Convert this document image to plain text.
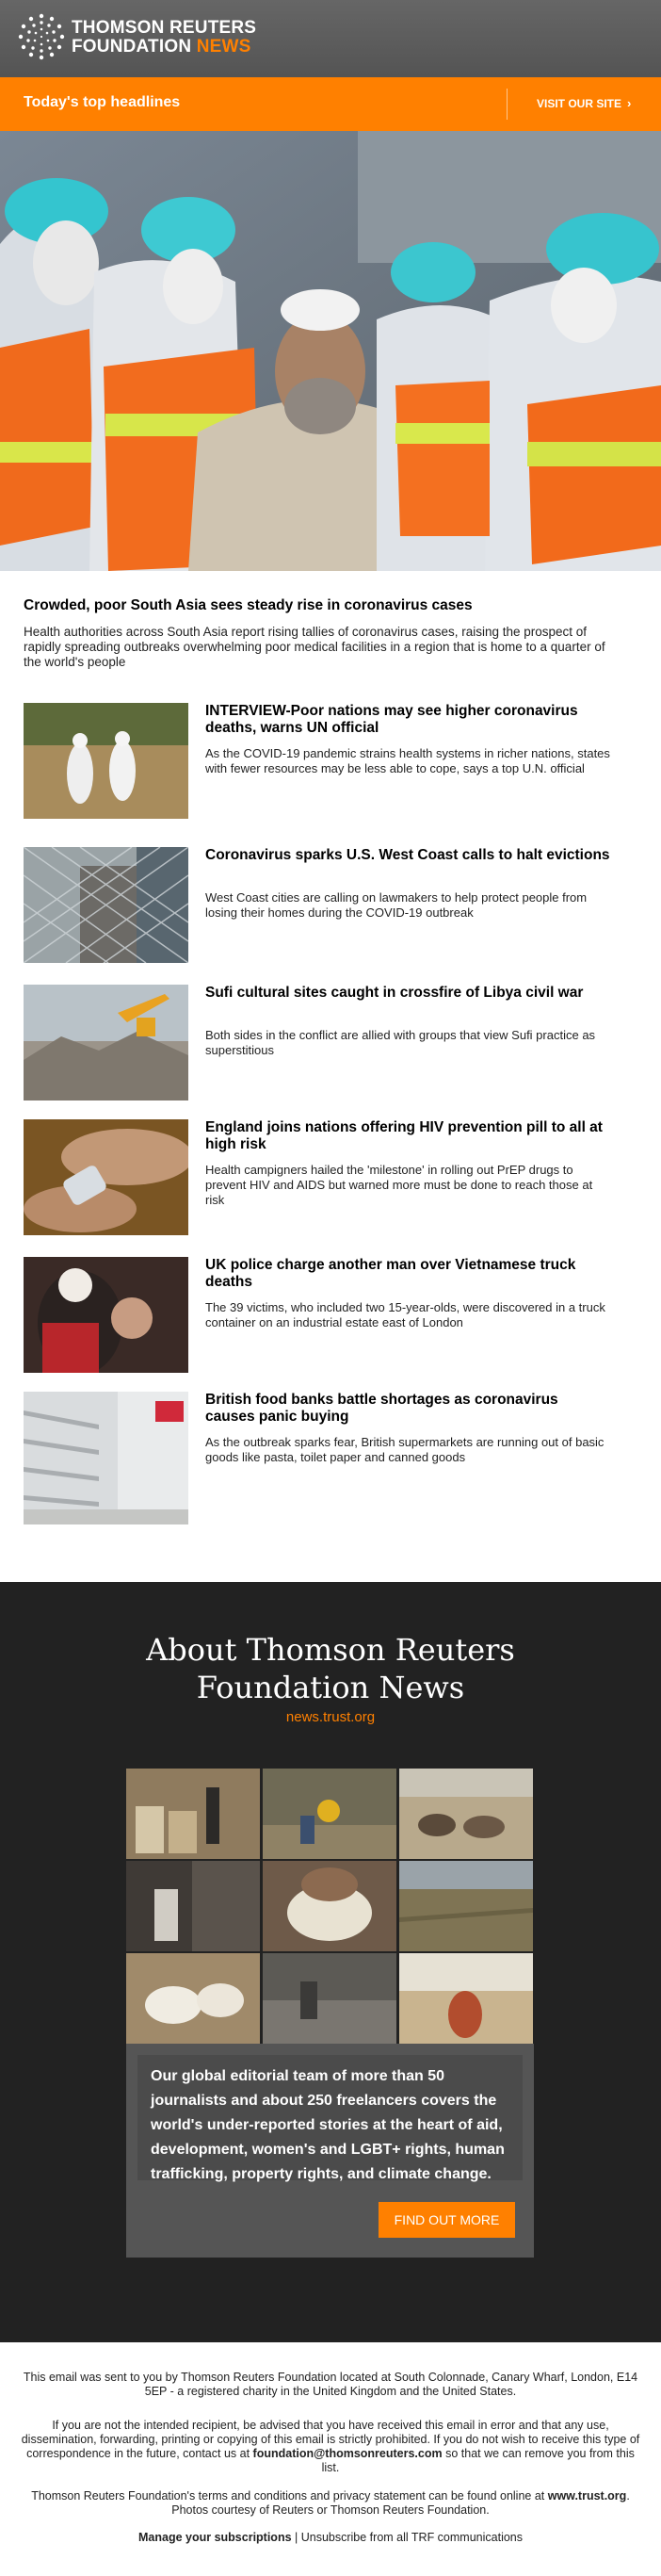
THOMSON REUTERS
FOUNDATION NEWS
Today's top headlines	VISIT OUR SITE ›
Crowded, poor South Asia sees steady rise in coronavirus cases
Health authorities across South Asia report rising tallies of coronavirus cases, raising the prospect of rapidly spreading outbreaks overwhelming poor medical facilities in a region that is home to a quarter of the world's people
INTERVIEW-Poor nations may see higher coronavirus deaths, warns UN official
As the COVID-19 pandemic strains health systems in richer nations, states with fewer resources may be less able to cope, says a top U.N. official
Coronavirus sparks U.S. West Coast calls to halt evictions
West Coast cities are calling on lawmakers to help protect people from losing their homes during the COVID-19 outbreak
Sufi cultural sites caught in crossfire of Libya civil war
Both sides in the conflict are allied with groups that view Sufi practice as superstitious
England joins nations offering HIV prevention pill to all at high risk
Health campigners hailed the 'milestone' in rolling out PrEP drugs to prevent HIV and AIDS but warned more must be done to reach those at risk
UK police charge another man over Vietnamese truck deaths
The 39 victims, who included two 15-year-olds, were discovered in a truck container on an industrial estate east of London
British food banks battle shortages as coronavirus causes panic buying
As the outbreak sparks fear, British supermarkets are running out of basic goods like pasta, toilet paper and canned goods
About Thomson Reuters
Foundation News
news.trust.org
Our global editorial team of more than 50 journalists and about 250 freelancers covers the world's under-reported stories at the heart of aid, development, women's and LGBT+ rights, human trafficking, property rights, and climate change.
FIND OUT MORE
This email was sent to you by Thomson Reuters Foundation located at South Colonnade, Canary Wharf, London, E14 5EP - a registered charity in the United Kingdom and the United States.
If you are not the intended recipient, be advised that you have received this email in error and that any use, dissemination, forwarding, printing or copying of this email is strictly prohibited. If you do not wish to receive this type of correspondence in the future, contact us at foundation@thomsonreuters.com so that we can remove you from this list.
Thomson Reuters Foundation's terms and conditions and privacy statement can be found online at www.trust.org. Photos courtesy of Reuters or Thomson Reuters Foundation.
Manage your subscriptions | Unsubscribe from all TRF communications
